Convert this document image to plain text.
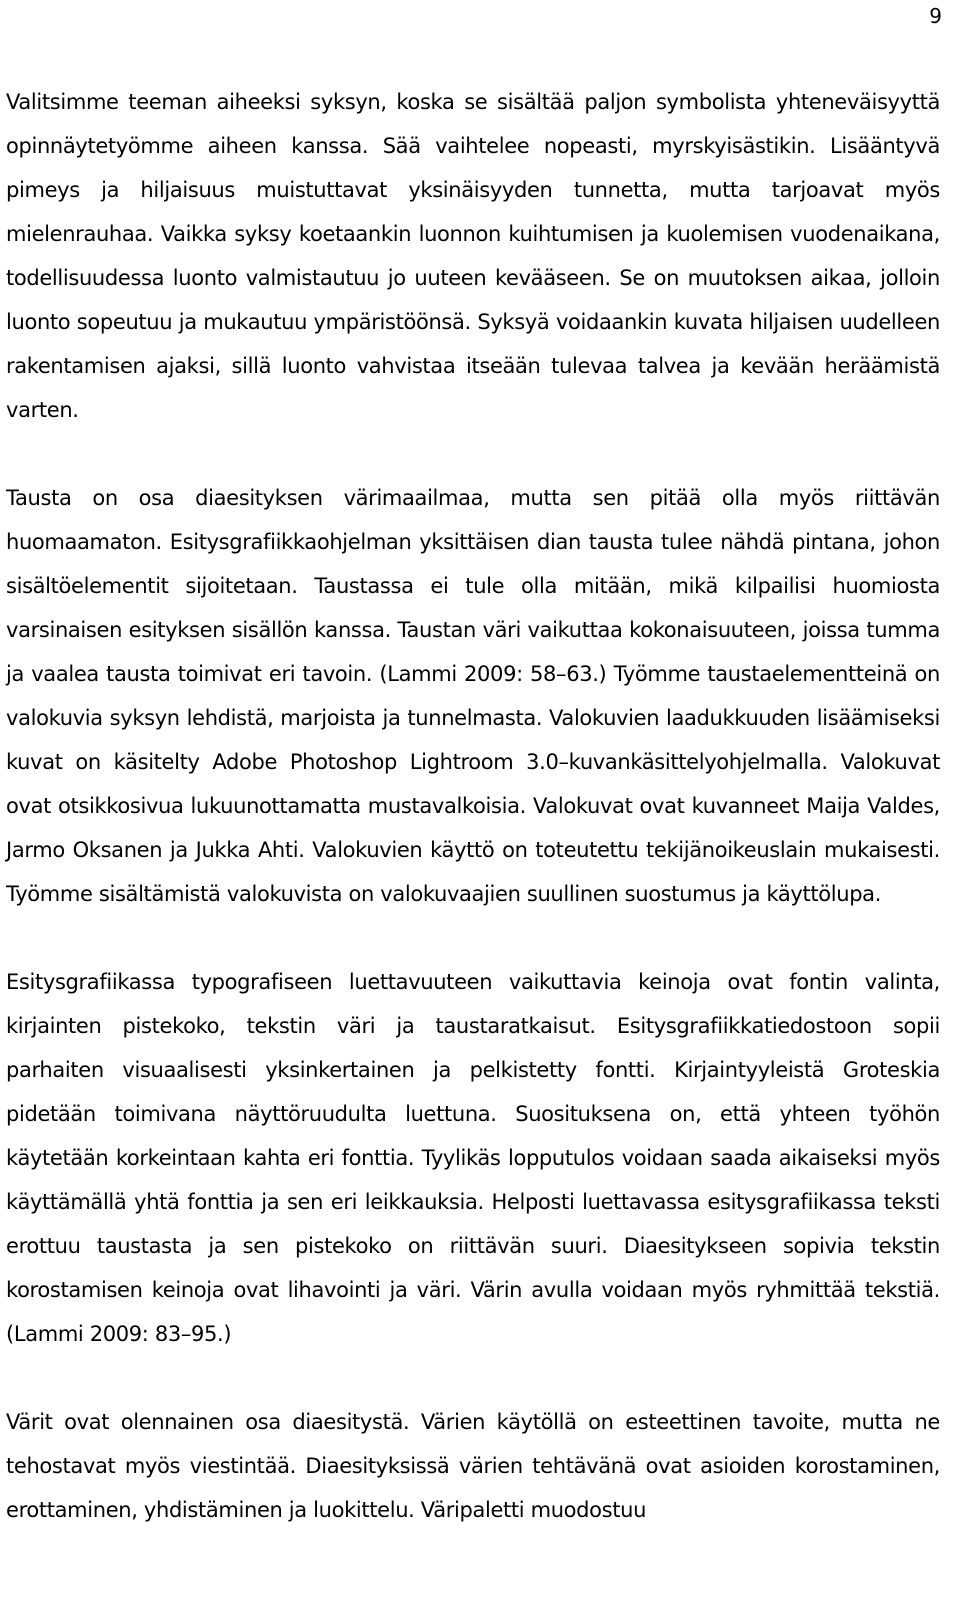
9

Valitsimme teeman aiheeksi syksyn, koska se sisältää paljon symbolista yhteneväisyyttä opinnäytetyömme aiheen kanssa. Sää vaihtelee nopeasti, myrskyisästikin. Lisääntyvä pimeys ja hiljaisuus muistuttavat yksinäisyyden tunnetta, mutta tarjoavat myös mielenrauhaa. Vaikka syksy koetaankin luonnon kuihtumisen ja kuolemisen vuodenaikana, todellisuudessa luonto valmistautuu jo uuteen kevääseen. Se on muutoksen aikaa, jolloin luonto sopeutuu ja mukautuu ympäristöönsä. Syksyä voidaankin kuvata hiljaisen uudelleen rakentamisen ajaksi, sillä luonto vahvistaa itseään tulevaa talvea ja kevään heräämistä varten.

Tausta on osa diaesityksen värimaailmaa, mutta sen pitää olla myös riittävän huomaamaton. Esitysgrafiikkaohjelman yksittäisen dian tausta tulee nähdä pintana, johon sisältöelementit sijoitetaan. Taustassa ei tule olla mitään, mikä kilpailisi huomiosta varsinaisen esityksen sisällön kanssa. Taustan väri vaikuttaa kokonaisuuteen, joissa tumma ja vaalea tausta toimivat eri tavoin. (Lammi 2009: 58–63.) Työmme taustaelementteinä on valokuvia syksyn lehdistä, marjoista ja tunnelmasta. Valokuvien laadukkuuden lisäämiseksi kuvat on käsitelty Adobe Photoshop Lightroom 3.0–kuvankäsittelyohjelmalla. Valokuvat ovat otsikkosivua lukuunottamatta mustavalkoisia. Valokuvat ovat kuvanneet Maija Valdes, Jarmo Oksanen ja Jukka Ahti. Valokuvien käyttö on toteutettu tekijänoikeuslain mukaisesti. Työmme sisältämistä valokuvista on valokuvaajien suullinen suostumus ja käyttölupa.

Esitysgrafiikassa typografiseen luettavuuteen vaikuttavia keinoja ovat fontin valinta, kirjainten pistekoko, tekstin väri ja taustaratkaisut. Esitysgrafiikkatiedostoon sopii parhaiten visuaalisesti yksinkertainen ja pelkistetty fontti. Kirjaintyyleistä Groteskia pidetään toimivana näyttöruudulta luettuna. Suosituksena on, että yhteen työhön käytetään korkeintaan kahta eri fonttia. Tyylikäs lopputulos voidaan saada aikaiseksi myös käyttämällä yhtä fonttia ja sen eri leikkauksia. Helposti luettavassa esitysgrafiikassa teksti erottuu taustasta ja sen pistekoko on riittävän suuri. Diaesitykseen sopivia tekstin korostamisen keinoja ovat lihavointi ja väri. Värin avulla voidaan myös ryhmittää tekstiä. (Lammi 2009: 83–95.)

Värit ovat olennainen osa diaesitystä. Värien käytöllä on esteettinen tavoite, mutta ne tehostavat myös viestintää. Diaesityksissä värien tehtävänä ovat asioiden korostaminen, erottaminen, yhdistäminen ja luokittelu. Väripaletti muodostuu
